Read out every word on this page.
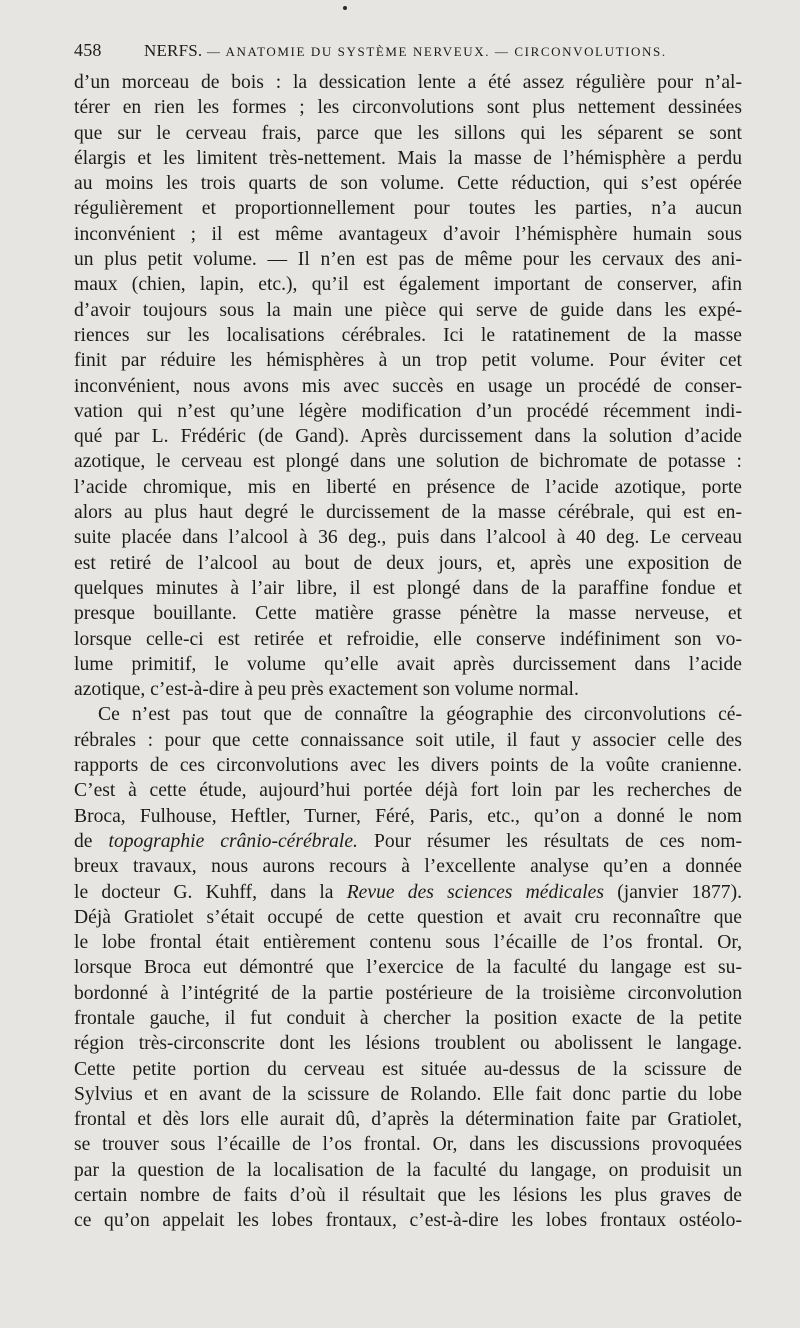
458 NERFS. — ANATOMIE DU SYSTÈME NERVEUX. — CIRCONVOLUTIONS.
d’un morceau de bois : la dessication lente a été assez régulière pour n’al-
térer en rien les formes ; les circonvolutions sont plus nettement dessinées
que sur le cerveau frais, parce que les sillons qui les séparent se sont
élargis et les limitent très-nettement. Mais la masse de l’hémisphère a perdu
au moins les trois quarts de son volume. Cette réduction, qui s’est opérée
régulièrement et proportionnellement pour toutes les parties, n’a aucun
inconvénient ; il est même avantageux d’avoir l’hémisphère humain sous
un plus petit volume. — Il n’en est pas de même pour les cervaux des ani-
maux (chien, lapin, etc.), qu’il est également important de conserver, afin
d’avoir toujours sous la main une pièce qui serve de guide dans les expé-
riences sur les localisations cérébrales. Ici le ratatinement de la masse
finit par réduire les hémisphères à un trop petit volume. Pour éviter cet
inconvénient, nous avons mis avec succès en usage un procédé de conser-
vation qui n’est qu’une légère modification d’un procédé récemment indi-
qué par L. Frédéric (de Gand). Après durcissement dans la solution d’acide
azotique, le cerveau est plongé dans une solution de bichromate de potasse :
l’acide chromique, mis en liberté en présence de l’acide azotique, porte
alors au plus haut degré le durcissement de la masse cérébrale, qui est en-
suite placée dans l’alcool à 36 deg., puis dans l’alcool à 40 deg. Le cerveau
est retiré de l’alcool au bout de deux jours, et, après une exposition de
quelques minutes à l’air libre, il est plongé dans de la paraffine fondue et
presque bouillante. Cette matière grasse pénètre la masse nerveuse, et
lorsque celle-ci est retirée et refroidie, elle conserve indéfiniment son vo-
lume primitif, le volume qu’elle avait après durcissement dans l’acide
azotique, c’est-à-dire à peu près exactement son volume normal.
Ce n’est pas tout que de connaître la géographie des circonvolutions cé-
rébrales : pour que cette connaissance soit utile, il faut y associer celle des
rapports de ces circonvolutions avec les divers points de la voûte cranienne.
C’est à cette étude, aujourd’hui portée déjà fort loin par les recherches de
Broca, Fulhouse, Heftler, Turner, Féré, Paris, etc., qu’on a donné le nom
de topographie crânio-cérébrale. Pour résumer les résultats de ces nom-
breux travaux, nous aurons recours à l’excellente analyse qu’en a donnée
le docteur G. Kuhff, dans la Revue des sciences médicales (janvier 1877).
Déjà Gratiolet s’était occupé de cette question et avait cru reconnaître que
le lobe frontal était entièrement contenu sous l’écaille de l’os frontal. Or,
lorsque Broca eut démontré que l’exercice de la faculté du langage est su-
bordonné à l’intégrité de la partie postérieure de la troisième circonvolution
frontale gauche, il fut conduit à chercher la position exacte de la petite
région très-circonscrite dont les lésions troublent ou abolissent le langage.
Cette petite portion du cerveau est située au-dessus de la scissure de
Sylvius et en avant de la scissure de Rolando. Elle fait donc partie du lobe
frontal et dès lors elle aurait dû, d’après la détermination faite par Gratiolet,
se trouver sous l’écaille de l’os frontal. Or, dans les discussions provoquées
par la question de la localisation de la faculté du langage, on produisit un
certain nombre de faits d’où il résultait que les lésions les plus graves de
ce qu’on appelait les lobes frontaux, c’est-à-dire les lobes frontaux ostéolo-
